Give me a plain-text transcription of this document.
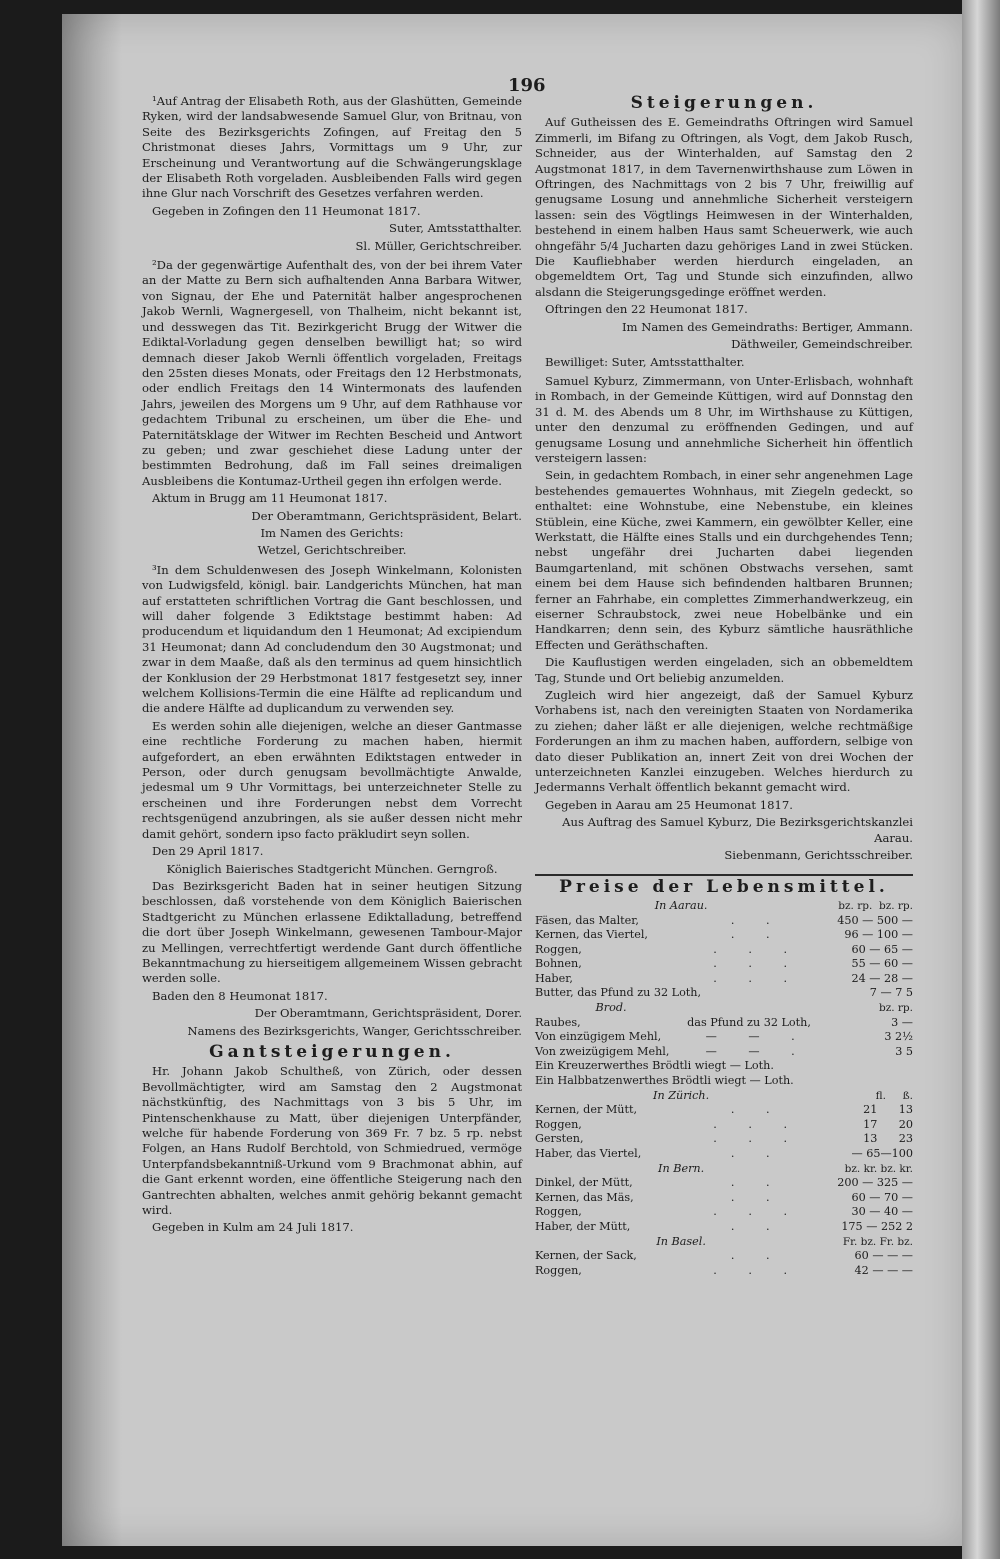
196

¹Auf Antrag der Elisabeth Roth, aus der Glashütten, Gemeinde Ryken, wird der landsabwesende Samuel Glur, von Britnau, von Seite des Bezirksgerichts Zofingen, auf Freitag den 5 Christmonat dieses Jahrs, Vormittags um 9 Uhr, zur Erscheinung und Verantwortung auf die Schwängerungsklage der Elisabeth Roth vorgeladen. Ausbleibenden Falls wird gegen ihne Glur nach Vorschrift des Gesetzes verfahren werden.

Gegeben in Zofingen den 11 Heumonat 1817.

Suter, Amtsstatthalter.

Sl. Müller, Gerichtschreiber.

²Da der gegenwärtige Aufenthalt des, von der bei ihrem Vater an der Matte zu Bern sich aufhaltenden Anna Barbara Witwer, von Signau, der Ehe und Paternität halber angesprochenen Jakob Wernli, Wagnergesell, von Thalheim, nicht bekannt ist, und desswegen das Tit. Bezirkgericht Brugg der Witwer die Ediktal-Vorladung gegen denselben bewilligt hat; so wird demnach dieser Jakob Wernli öffentlich vorgeladen, Freitags den 25sten dieses Monats, oder Freitags den 12 Herbstmonats, oder endlich Freitags den 14 Wintermonats des laufenden Jahrs, jeweilen des Morgens um 9 Uhr, auf dem Rathhause vor gedachtem Tribunal zu erscheinen, um über die Ehe- und Paternitätsklage der Witwer im Rechten Bescheid und Antwort zu geben; und zwar geschiehet diese Ladung unter der bestimmten Bedrohung, daß im Fall seines dreimaligen Ausbleibens die Kontumaz-Urtheil gegen ihn erfolgen werde.

Aktum in Brugg am 11 Heumonat 1817.

Der Oberamtmann, Gerichtspräsident, Belart.

Im Namen des Gerichts:

Wetzel, Gerichtschreiber.

³In dem Schuldenwesen des Joseph Winkelmann, Kolonisten von Ludwigsfeld, königl. bair. Landgerichts München, hat man auf erstatteten schriftlichen Vortrag die Gant beschlossen, und will daher folgende 3 Ediktstage bestimmt haben: Ad producendum et liquidandum den 1 Heumonat; Ad excipiendum 31 Heumonat; dann Ad concludendum den 30 Augstmonat; und zwar in dem Maaße, daß als den terminus ad quem hinsichtlich der Konklusion der 29 Herbstmonat 1817 festgesetzt sey, inner welchem Kollisions-Termin die eine Hälfte ad replicandum und die andere Hälfte ad duplicandum zu verwenden sey.

Es werden sohin alle diejenigen, welche an dieser Gantmasse eine rechtliche Forderung zu machen haben, hiermit aufgefordert, an eben erwähnten Ediktstagen entweder in Person, oder durch genugsam bevollmächtigte Anwalde, jedesmal um 9 Uhr Vormittags, bei unterzeichneter Stelle zu erscheinen und ihre Forderungen nebst dem Vorrecht rechtsgenügend anzubringen, als sie außer dessen nicht mehr damit gehört, sondern ipso facto präkludirt seyn sollen.

Den 29 April 1817.

Königlich Baierisches Stadtgericht München. Gerngroß.

Das Bezirksgericht Baden hat in seiner heutigen Sitzung beschlossen, daß vorstehende von dem Königlich Baierischen Stadtgericht zu München erlassene Ediktalladung, betreffend die dort über Joseph Winkelmann, gewesenen Tambour-Major zu Mellingen, verrechtfertigt werdende Gant durch öffentliche Bekanntmachung zu hierseitigem allgemeinem Wissen gebracht werden solle.

Baden den 8 Heumonat 1817.

Der Oberamtmann, Gerichtspräsident, Dorer.

Namens des Bezirksgerichts, Wanger, Gerichtsschreiber.

Gantsteigerungen.

Hr. Johann Jakob Schultheß, von Zürich, oder dessen Bevollmächtigter, wird am Samstag den 2 Augstmonat nächstkünftig, des Nachmittags von 3 bis 5 Uhr, im Pintenschenkhause zu Matt, über diejenigen Unterpfänder, welche für habende Forderung von 369 Fr. 7 bz. 5 rp. nebst Folgen, an Hans Rudolf Berchtold, von Schmiedrued, vermöge Unterpfandsbekanntniß-Urkund vom 9 Brachmonat abhin, auf die Gant erkennt worden, eine öffentliche Steigerung nach den Gantrechten abhalten, welches anmit gehörig bekannt gemacht wird.

Gegeben in Kulm am 24 Juli 1817.

Steigerungen.

Auf Gutheissen des E. Gemeindraths Oftringen wird Samuel Zimmerli, im Bifang zu Oftringen, als Vogt, dem Jakob Rusch, Schneider, aus der Winterhalden, auf Samstag den 2 Augstmonat 1817, in dem Tavernenwirthshause zum Löwen in Oftringen, des Nachmittags von 2 bis 7 Uhr, freiwillig auf genugsame Losung und annehmliche Sicherheit versteigern lassen: sein des Vögtlings Heimwesen in der Winterhalden, bestehend in einem halben Haus samt Scheuerwerk, wie auch ohngefähr 5/4 Jucharten dazu gehöriges Land in zwei Stücken. Die Kaufliebhaber werden hierdurch eingeladen, an obgemeldtem Ort, Tag und Stunde sich einzufinden, allwo alsdann die Steigerungsgedinge eröffnet werden.

Oftringen den 22 Heumonat 1817.

Im Namen des Gemeindraths: Bertiger, Ammann.

Däthweiler, Gemeindschreiber.

Bewilliget: Suter, Amtsstatthalter.

Samuel Kyburz, Zimmermann, von Unter-Erlisbach, wohnhaft in Rombach, in der Gemeinde Küttigen, wird auf Donnstag den 31 d. M. des Abends um 8 Uhr, im Wirthshause zu Küttigen, unter den denzumal zu eröffnenden Gedingen, und auf genugsame Losung und annehmliche Sicherheit hin öffentlich versteigern lassen:

Sein, in gedachtem Rombach, in einer sehr angenehmen Lage bestehendes gemauertes Wohnhaus, mit Ziegeln gedeckt, so enthaltet: eine Wohnstube, eine Nebenstube, ein kleines Stüblein, eine Küche, zwei Kammern, ein gewölbter Keller, eine Werkstatt, die Hälfte eines Stalls und ein durchgehendes Tenn; nebst ungefähr drei Jucharten dabei liegenden Baumgartenland, mit schönen Obstwachs versehen, samt einem bei dem Hause sich befindenden haltbaren Brunnen; ferner an Fahrhabe, ein complettes Zimmerhandwerkzeug, ein eiserner Schraubstock, zwei neue Hobelbänke und ein Handkarren; denn sein, des Kyburz sämtliche hausräthliche Effecten und Geräthschaften.

Die Kauflustigen werden eingeladen, sich an obbemeldtem Tag, Stunde und Ort beliebig anzumelden.

Zugleich wird hier angezeigt, daß der Samuel Kyburz Vorhabens ist, nach den vereinigten Staaten von Nordamerika zu ziehen; daher läßt er alle diejenigen, welche rechtmäßige Forderungen an ihm zu machen haben, auffordern, selbige von dato dieser Publikation an, innert Zeit von drei Wochen der unterzeichneten Kanzlei einzugeben. Welches hierdurch zu Jedermanns Verhalt öffentlich bekannt gemacht wird.

Gegeben in Aarau am 25 Heumonat 1817.

Aus Auftrag des Samuel Kyburz, Die Bezirksgerichtskanzlei Aarau.

Siebenmann, Gerichtsschreiber.

Preise der Lebensmittel.
In Aarau.		bz. rp. bz. rp.
Fäsen, das Malter,	. .	450 — 500 —
Kernen, das Viertel,	. .	96 — 100 —
Roggen,	. . .	60 — 65 —
Bohnen,	. . .	55 — 60 —
Haber,	. . .	24 — 28 —
Butter, das Pfund zu 32 Loth,		7 — 7 5
Brod.		bz. rp.
Raubes,	das Pfund zu 32 Loth,	3 —
Von einzügigem Mehl,	— — .	3 2½
Von zweizügigem Mehl,	— — .	3 5
Ein Kreuzerwerthes Brödtli wiegt — Loth.		
Ein Halbbatzenwerthes Brödtli wiegt — Loth.		
In Zürich.		fl. ß.
Kernen, der Mütt,	. .	21 13
Roggen,	. . .	17 20
Gersten,	. . .	13 23
Haber, das Viertel,	. .	— 65—100
In Bern.		bz. kr. bz. kr.
Dinkel, der Mütt,	. .	200 — 325 —
Kernen, das Mäs,	. .	60 — 70 —
Roggen,	. . .	30 — 40 —
Haber, der Mütt,	. .	175 — 252 2
In Basel.		Fr. bz. Fr. bz.
Kernen, der Sack,	. .	60 — — —
Roggen,	. . .	42 — — —
